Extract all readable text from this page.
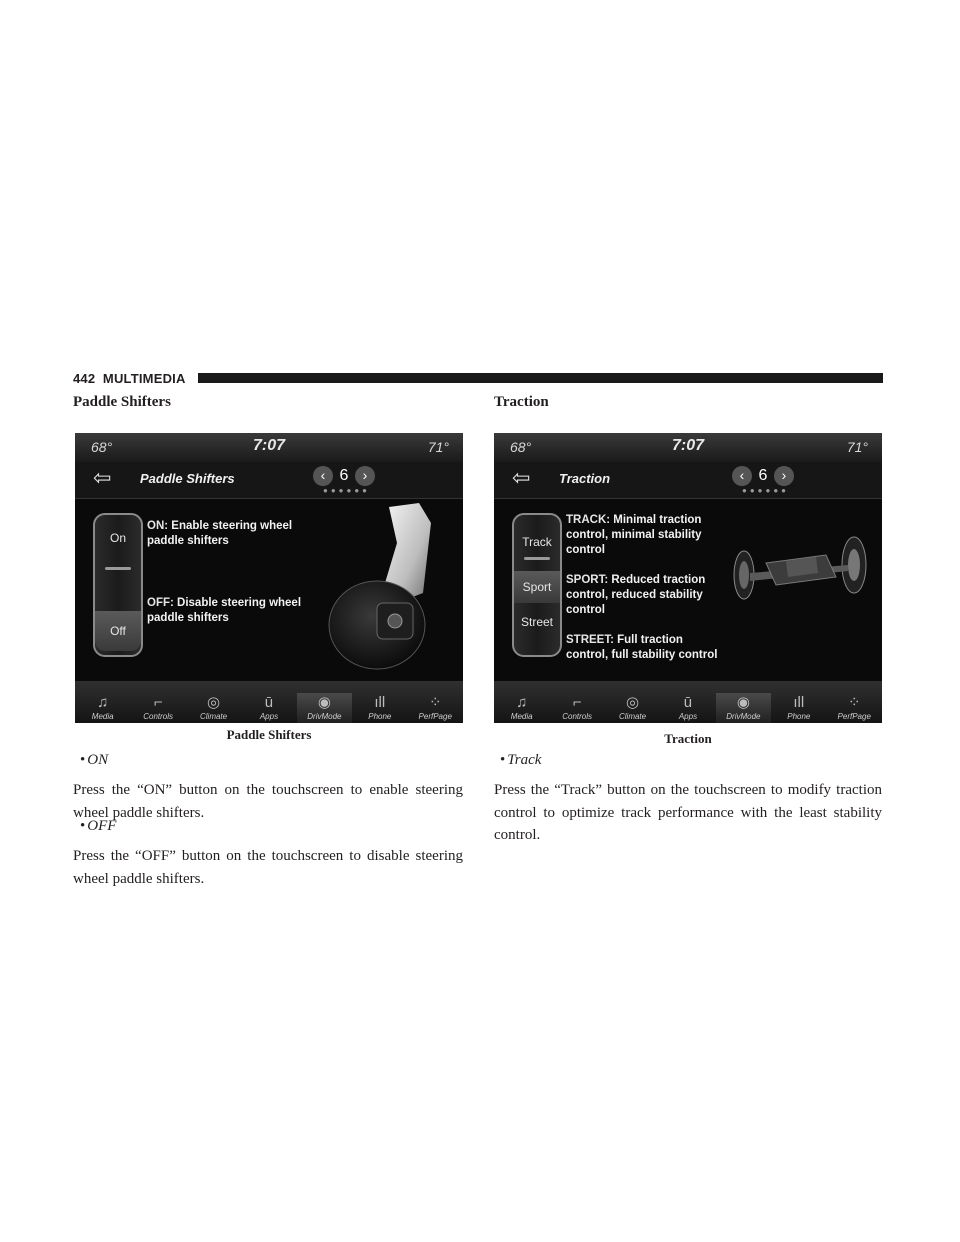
442 MULTIMEDIA
Paddle Shifters
68°	7:07	71°
⇦ Paddle Shifters	‹ 6 ›
●●●●●●
On
Off
ON: Enable steering wheel paddle shifters
OFF: Disable steering wheel paddle shifters
♫
Media
⌐
Controls
◎
Climate
ū
Apps
◉
DrivMode
ıll
Phone
⁘
PerfPage
Paddle Shifters
• ON
Press the “ON” button on the touchscreen to enable steering wheel paddle shifters.
• OFF
Press the “OFF” button on the touchscreen to disable steering wheel paddle shifters.
Traction
68°	7:07	71°
⇦ Traction	‹ 6 ›
●●●●●●
Track
Sport
Street
TRACK: Minimal traction control, minimal stability control
SPORT: Reduced traction control, reduced stability control
STREET: Full traction control, full stability control
♫
Media
⌐
Controls
◎
Climate
ū
Apps
◉
DrivMode
ıll
Phone
⁘
PerfPage
Traction
• Track
Press the “Track” button on the touchscreen to modify traction control to optimize track performance with the least stability control.
